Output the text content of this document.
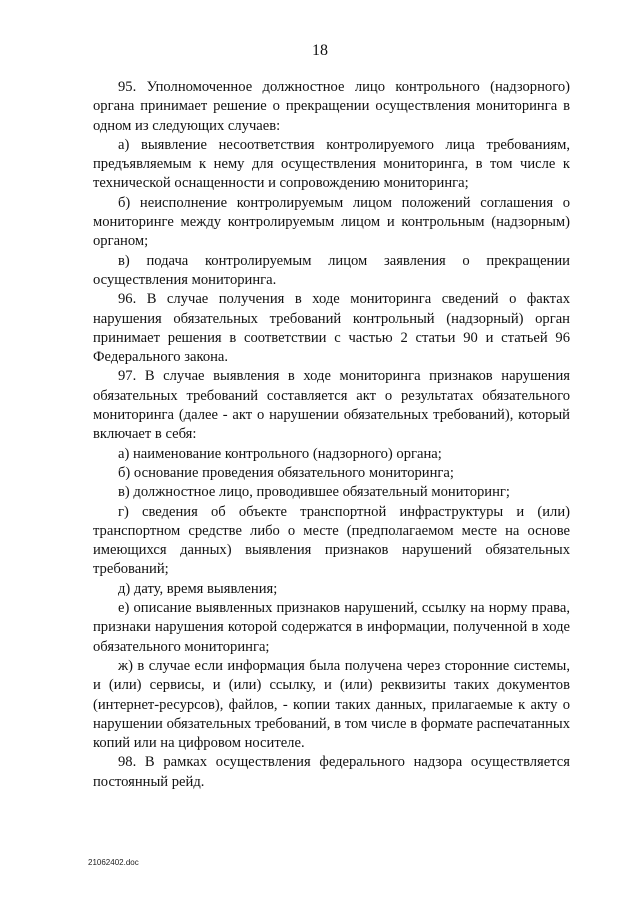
18

95. Уполномоченное должностное лицо контрольного (надзорного) органа принимает решение о прекращении осуществления мониторинга в одном из следующих случаев:

а) выявление несоответствия контролируемого лица требованиям, предъявляемым к нему для осуществления мониторинга, в том числе к технической оснащенности и сопровождению мониторинга;

б) неисполнение контролируемым лицом положений соглашения о мониторинге между контролируемым лицом и контрольным (надзорным) органом;

в) подача контролируемым лицом заявления о прекращении осуществления мониторинга.

96. В случае получения в ходе мониторинга сведений о фактах нарушения обязательных требований контрольный (надзорный) орган принимает решения в соответствии с частью 2 статьи 90 и статьей 96 Федерального закона.

97. В случае выявления в ходе мониторинга признаков нарушения обязательных требований составляется акт о результатах обязательного мониторинга (далее - акт о нарушении обязательных требований), который включает в себя:

а) наименование контрольного (надзорного) органа;

б) основание проведения обязательного мониторинга;

в) должностное лицо, проводившее обязательный мониторинг;

г) сведения об объекте транспортной инфраструктуры и (или) транспортном средстве либо о месте (предполагаемом месте на основе имеющихся данных) выявления признаков нарушений обязательных требований;

д) дату, время выявления;

е) описание выявленных признаков нарушений, ссылку на норму права, признаки нарушения которой содержатся в информации, полученной в ходе обязательного мониторинга;

ж) в случае если информация была получена через сторонние системы, и (или) сервисы, и (или) ссылку, и (или) реквизиты таких документов (интернет-ресурсов), файлов, - копии таких данных, прилагаемые к акту о нарушении обязательных требований, в том числе в формате распечатанных копий или на цифровом носителе.

98. В рамках осуществления федерального надзора осуществляется постоянный рейд.

21062402.doc
